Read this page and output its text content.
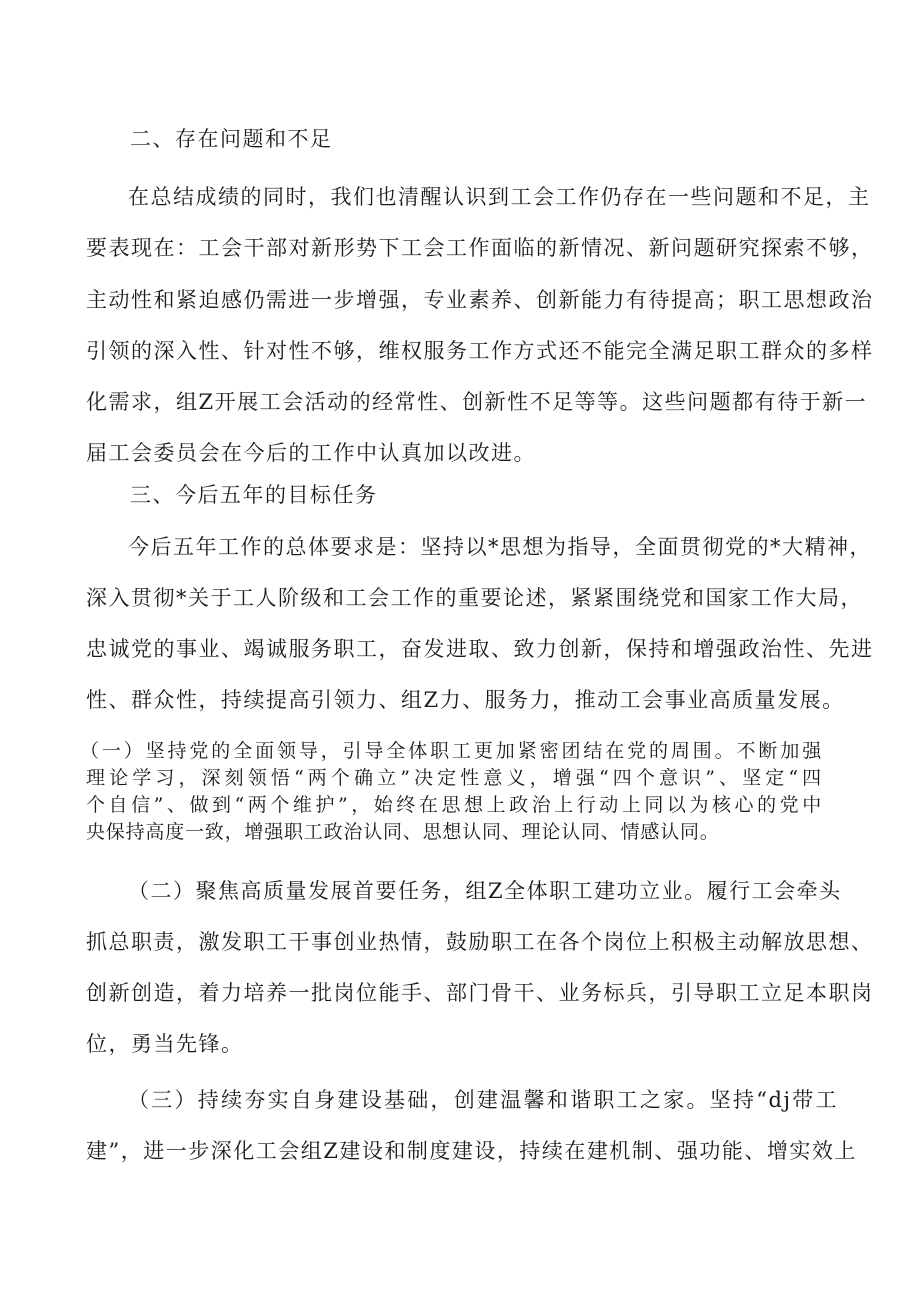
二、存在问题和不足
在总结成绩的同时，我们也清醒认识到工会工作仍存在一些问题和不足，主
要表现在：工会干部对新形势下工会工作面临的新情况、新问题研究探索不够，
主动性和紧迫感仍需进一步增强，专业素养、创新能力有待提高；职工思想政治
引领的深入性、针对性不够，维权服务工作方式还不能完全满足职工群众的多样
化需求，组Z开展工会活动的经常性、创新性不足等等。这些问题都有待于新一
届工会委员会在今后的工作中认真加以改进。
三、今后五年的目标任务
今后五年工作的总体要求是：坚持以*思想为指导，全面贯彻党的*大精神，
深入贯彻*关于工人阶级和工会工作的重要论述，紧紧围绕党和国家工作大局，
忠诚党的事业、竭诚服务职工，奋发进取、致力创新，保持和增强政治性、先进
性、群众性，持续提高引领力、组Z力、服务力，推动工会事业高质量发展。
（一）坚持党的全面领导，引导全体职工更加紧密团结在党的周围。不断加强
理论学习，深刻领悟“两个确立”决定性意义，增强“四个意识”、坚定“四
个自信”、做到“两个维护”，始终在思想上政治上行动上同以为核心的党中
央保持高度一致，增强职工政治认同、思想认同、理论认同、情感认同。
（二）聚焦高质量发展首要任务，组Z全体职工建功立业。履行工会牵头
抓总职责，激发职工干事创业热情，鼓励职工在各个岗位上积极主动解放思想、
创新创造，着力培养一批岗位能手、部门骨干、业务标兵，引导职工立足本职岗
位，勇当先锋。
（三）持续夯实自身建设基础，创建温馨和谐职工之家。坚持“dj带工
建”，进一步深化工会组Z建设和制度建设，持续在建机制、强功能、增实效上
